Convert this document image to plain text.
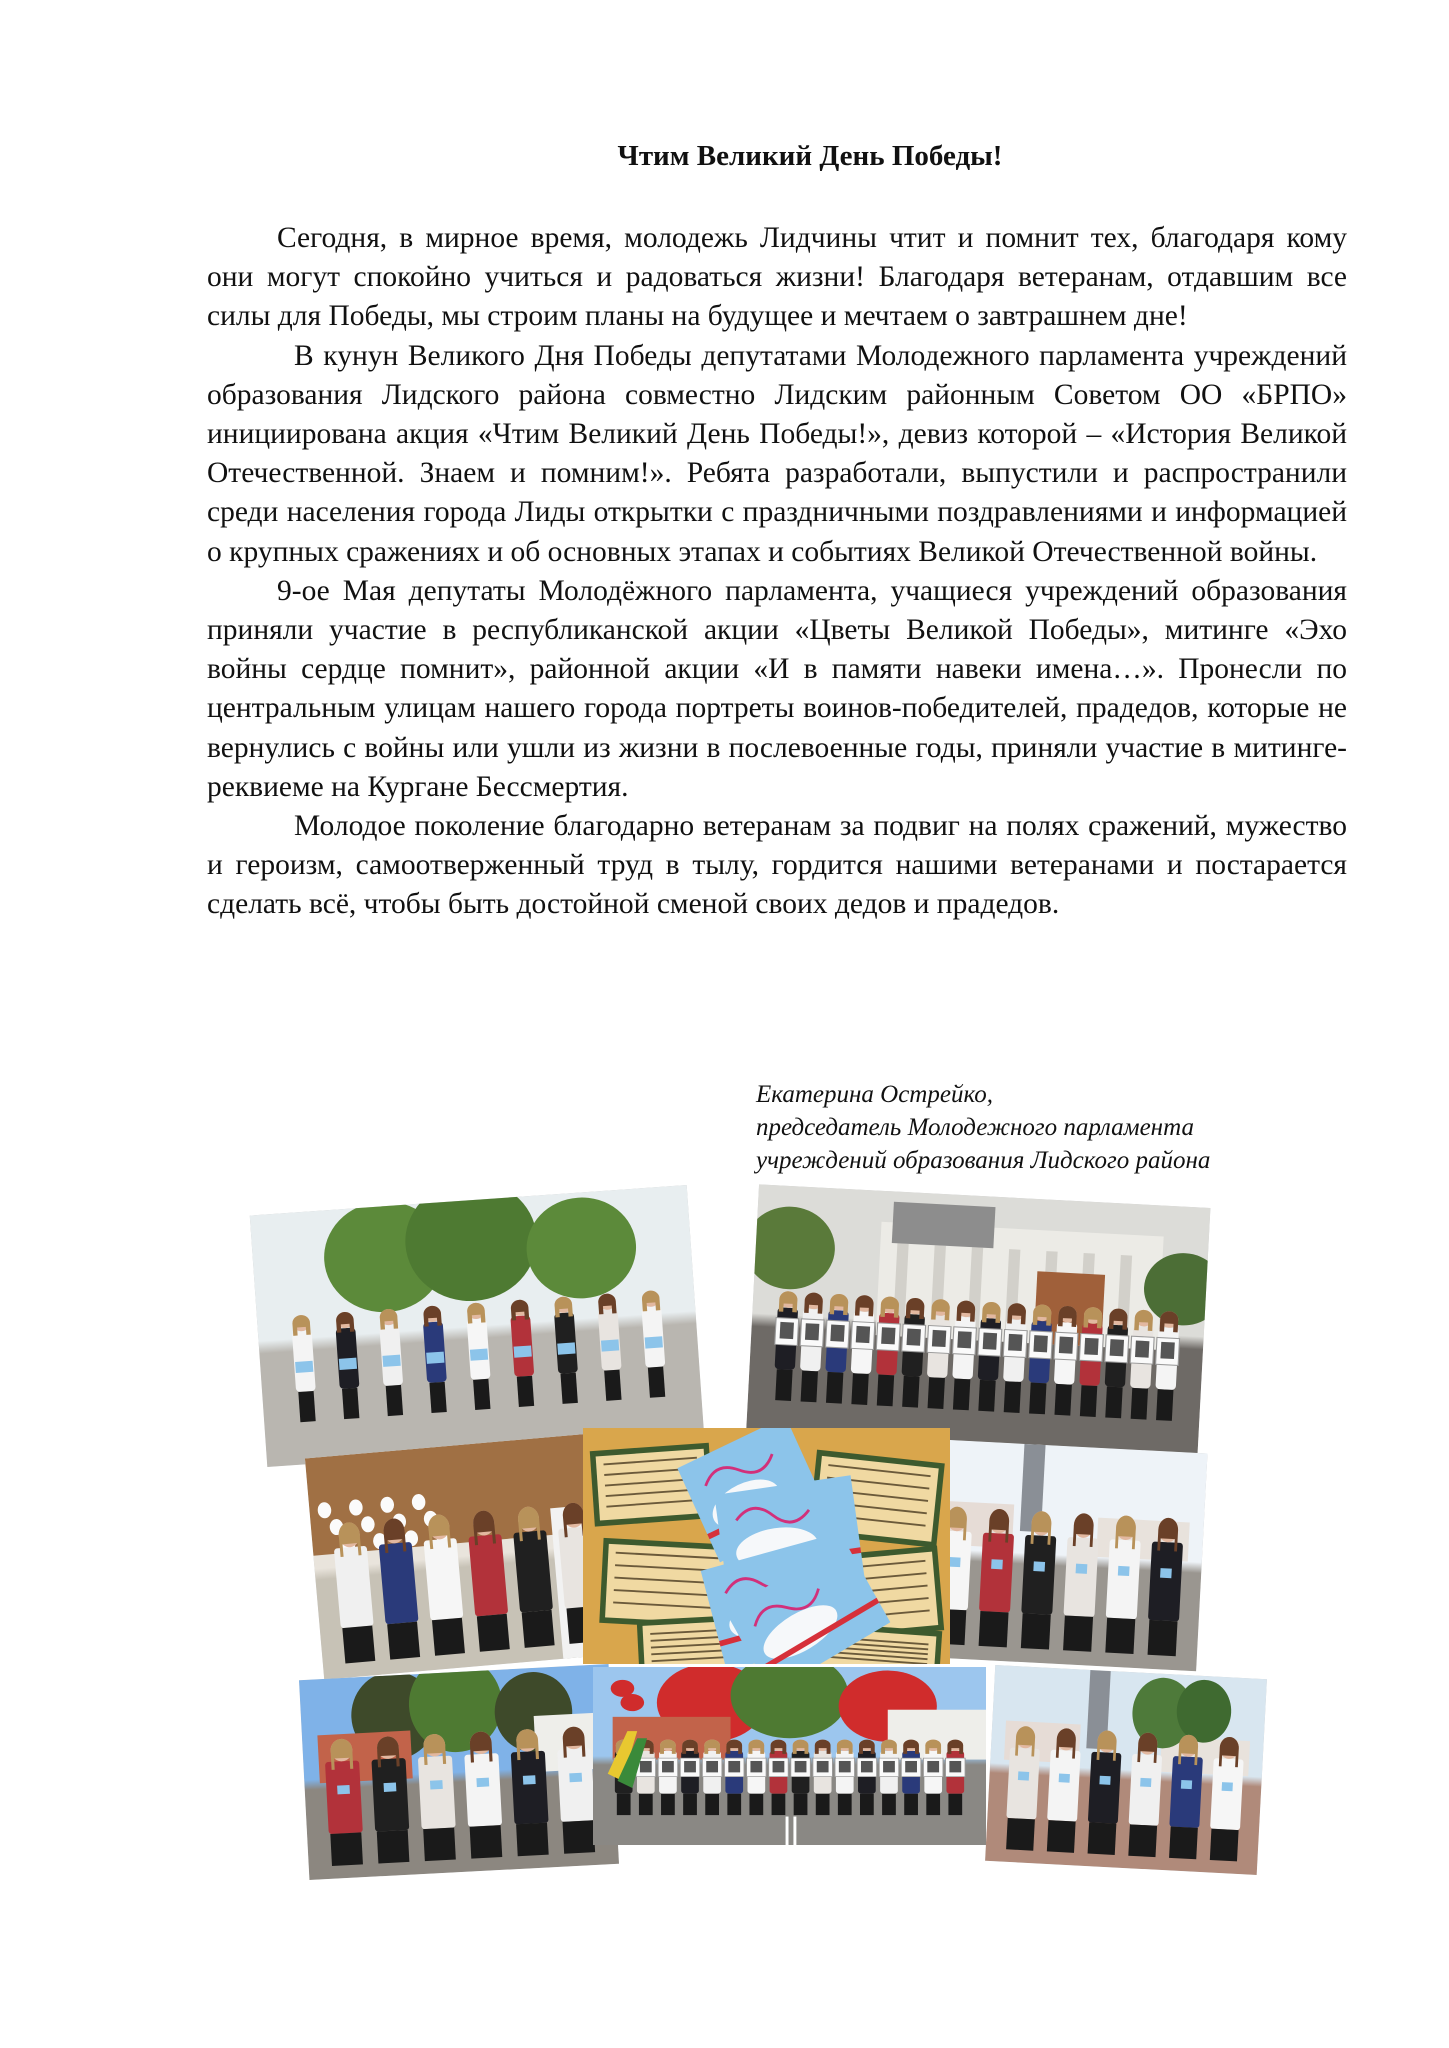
Чтим Великий День Победы!

Сегодня, в мирное время, молодежь Лидчины чтит и помнит тех, благодаря кому они могут спокойно учиться и радоваться жизни! Благодаря ветеранам, отдавшим все силы для Победы, мы строим планы на будущее и мечтаем о завтрашнем дне!

В кунун Великого Дня Победы депутатами Молодежного парламента учреждений образования Лидского района совместно Лидским районным Советом ОО «БРПО» инициирована акция «Чтим Великий День Победы!», девиз которой – «История Великой Отечественной. Знаем и помним!». Ребята разработали, выпустили и распространили среди населения города Лиды открытки с праздничными поздравлениями и информацией о крупных сражениях и об основных этапах и событиях Великой Отечественной войны.

9-ое Мая депутаты Молодёжного парламента, учащиеся учреждений образования приняли участие в республиканской акции «Цветы Великой Победы», митинге «Эхо войны сердце помнит», районной акции «И в памяти навеки имена…». Пронесли по центральным улицам нашего города портреты воинов-победителей, прадедов, которые не вернулись с войны или ушли из жизни в послевоенные годы, приняли участие в митинге-реквиеме на Кургане Бессмертия.

Молодое поколение благодарно ветеранам за подвиг на полях сражений, мужество и героизм, самоотверженный труд в тылу, гордится нашими ветеранами и постарается сделать всё, чтобы быть достойной сменой своих дедов и прадедов.

Екатерина Острейко,
председатель Молодежного парламента
учреждений образования Лидского района
